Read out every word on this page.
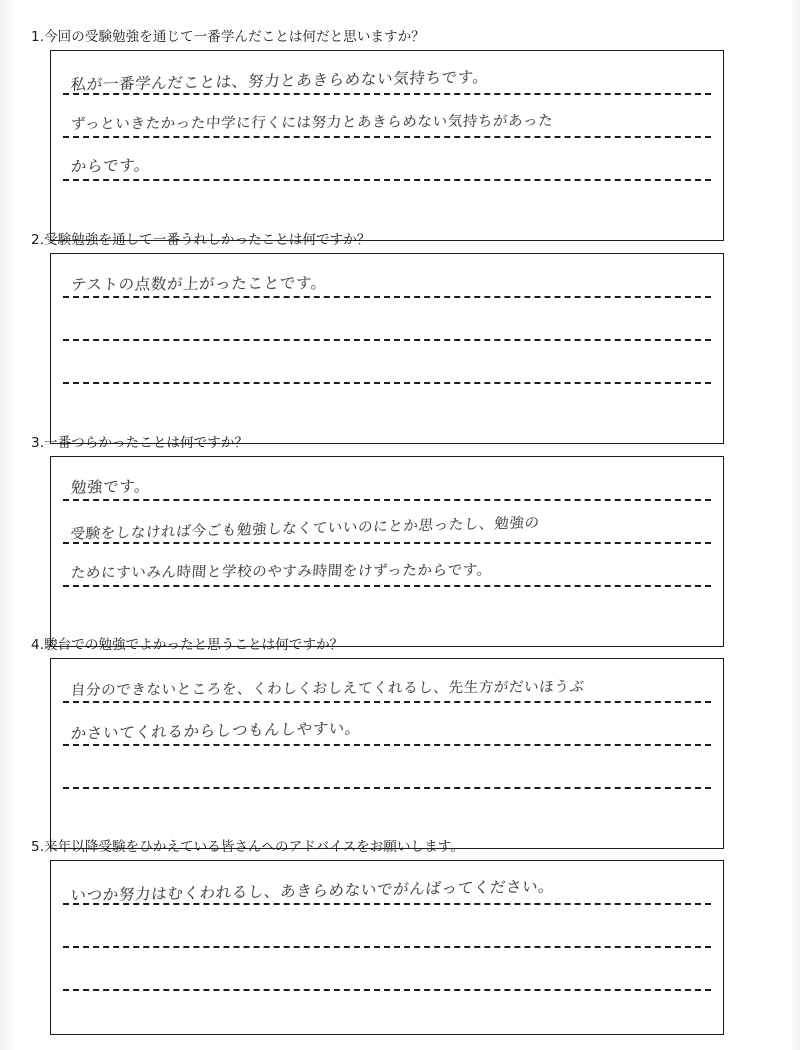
1.今回の受験勉強を通じて一番学んだことは何だと思いますか？
私が一番学んだことは、努力とあきらめない気持ちです。
ずっといきたかった中学に行くには努力とあきらめない気持ちがあった
からです。
2.受験勉強を通して一番うれしかったことは何ですか？
テストの点数が上がったことです。
3.一番つらかったことは何ですか？
勉強です。
受験をしなければ今ごも勉強しなくていいのにとか思ったし、勉強の
ためにすいみん時間と学校のやすみ時間をけずったからです。
4.駿台での勉強でよかったと思うことは何ですか？
自分のできないところを、くわしくおしえてくれるし、先生方がだいほうぶ
かさいてくれるからしつもんしやすい。
5.来年以降受験をひかえている皆さんへのアドバイスをお願いします。
いつか努力はむくわれるし、あきらめないでがんばってください。
